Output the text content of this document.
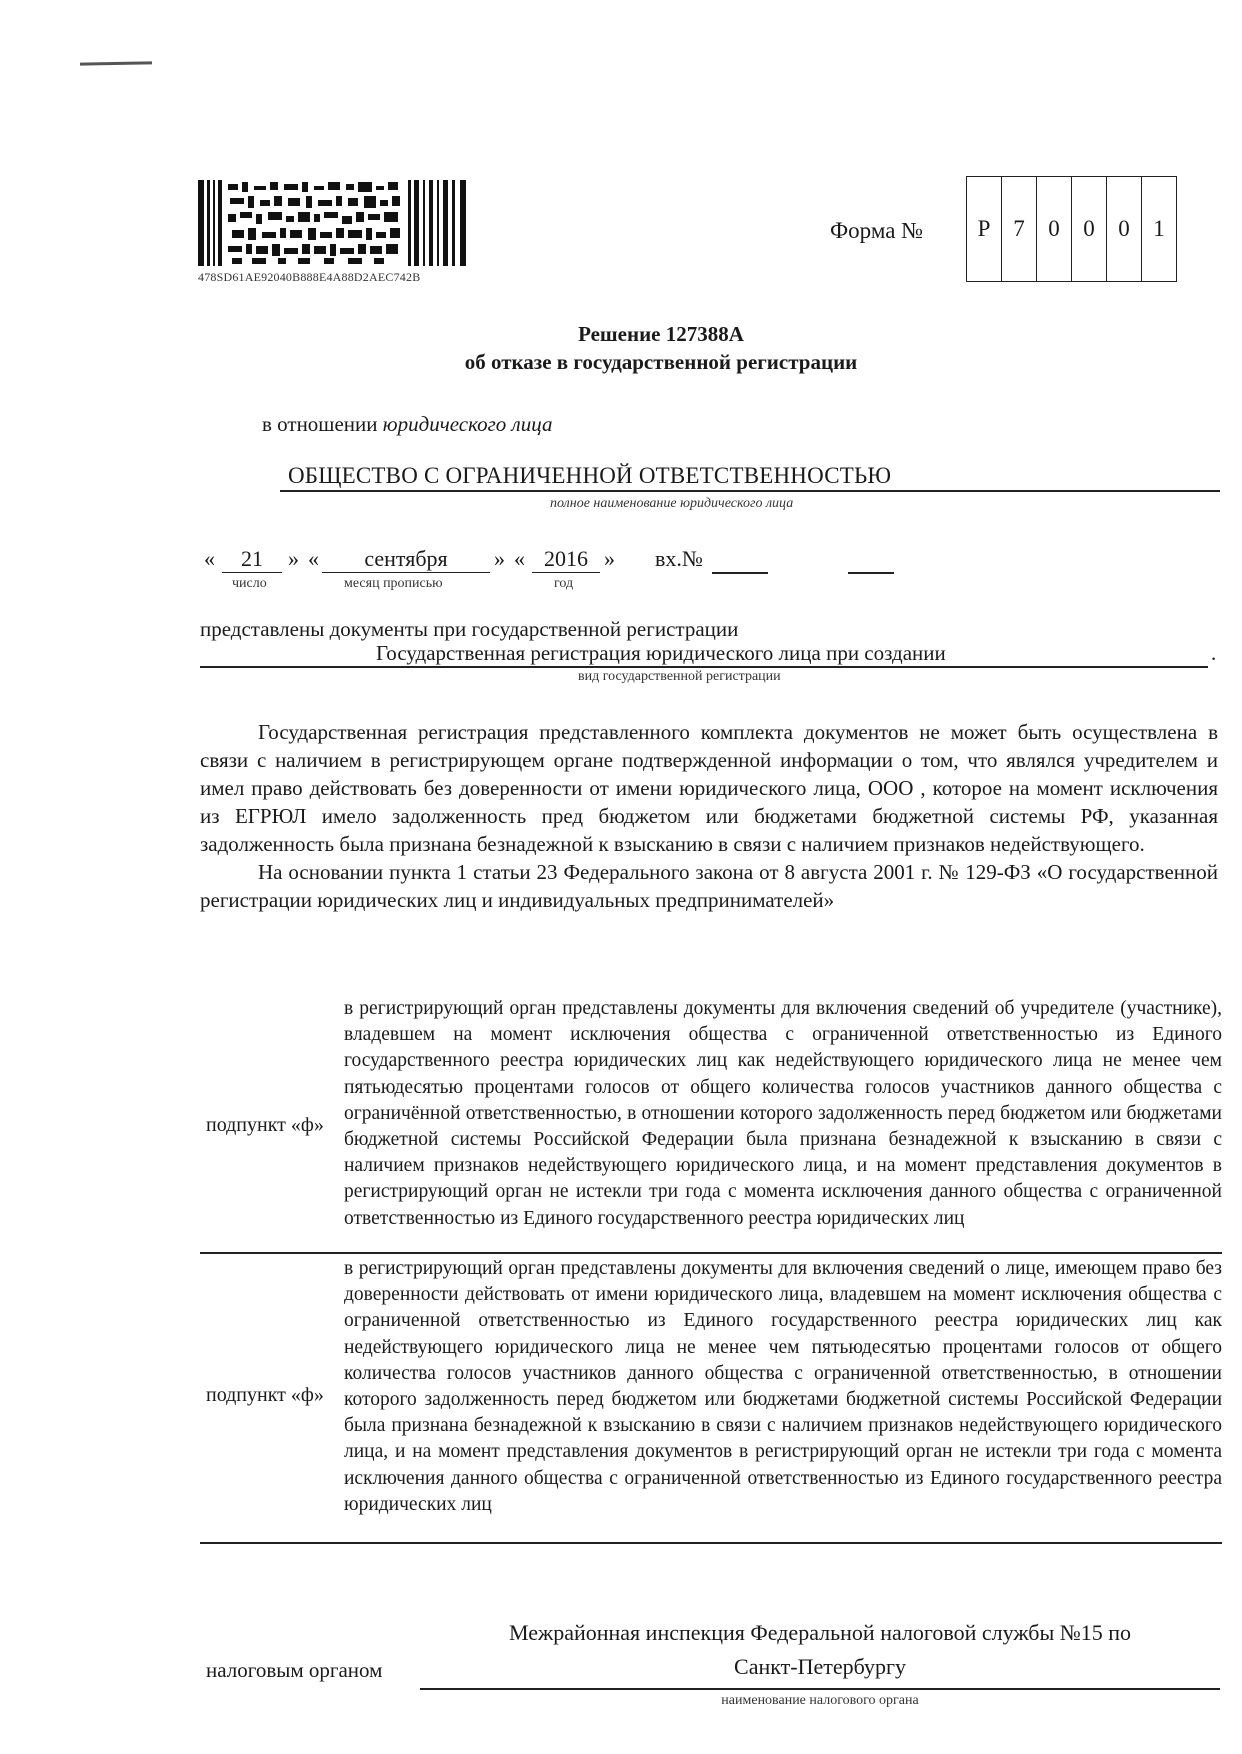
478SD61AE92040B888E4A88D2AEC742B
Форма №	Р 7	0	0	0	1
Решение 127388А
об отказе в государственной регистрации
в отношении юридического лица
ОБЩЕСТВО С ОГРАНИЧЕННОЙ ОТВЕТСТВЕННОСТЬЮ
полное наименование юридического лица
«	21	» «	сентября	» « 2016 » вх.№
число	месяц прописью	год
представлены документы при государственной регистрации
Государственная регистрация юридического лица при создании	.
вид государственной регистрации

Государственная регистрация представленного комплекта документов не может быть осуществлена в связи с наличием в регистрирующем органе подтвержденной информации о том, что являлся учредителем и имел право действовать без доверенности от имени юридического лица, ООО , которое на момент исключения из ЕГРЮЛ имело задолженность пред бюджетом или бюджетами бюджетной системы РФ, указанная задолженность была признана безнадежной к взысканию в связи с наличием признаков недействующего.

На основании пункта 1 статьи 23 Федерального закона от 8 августа 2001 г. № 129-ФЗ «О государственной регистрации юридических лиц и индивидуальных предпринимателей»

подпункт «ф»
в регистрирующий орган представлены документы для включения сведений об учредителе (участнике), владевшем на момент исключения общества с ограниченной ответственностью из Единого государственного реестра юридических лиц как недействующего юридического лица не менее чем пятьюдесятью процентами голосов от общего количества голосов участников данного общества с ограничённой ответственностью, в отношении которого задолженность перед бюджетом или бюджетами бюджетной системы Российской Федерации была признана безнадежной к взысканию в связи с наличием признаков недействующего юридического лица, и на момент представления документов в регистрирующий орган не истекли три года с момента исключения данного общества с ограниченной ответственностью из Единого государственного реестра юридических лиц
подпункт «ф»
в регистрирующий орган представлены документы для включения сведений о лице, имеющем право без доверенности действовать от имени юридического лица, владевшем на момент исключения общества с ограниченной ответственностью из Единого государственного реестра юридических лиц как недействующего юридического лица не менее чем пятьюдесятью процентами голосов от общего количества голосов участников данного общества с ограниченной ответственностью, в отношении которого задолженность перед бюджетом или бюджетами бюджетной системы Российской Федерации была признана безнадежной к взысканию в связи с наличием признаков недействующего юридического лица, и на момент представления документов в регистрирующий орган не истекли три года с момента исключения данного общества с ограниченной ответственностью из Единого государственного реестра юридических лиц
налоговым органом
Межрайонная инспекция Федеральной налоговой службы №15 по
Санкт-Петербургу
наименование налогового органа
